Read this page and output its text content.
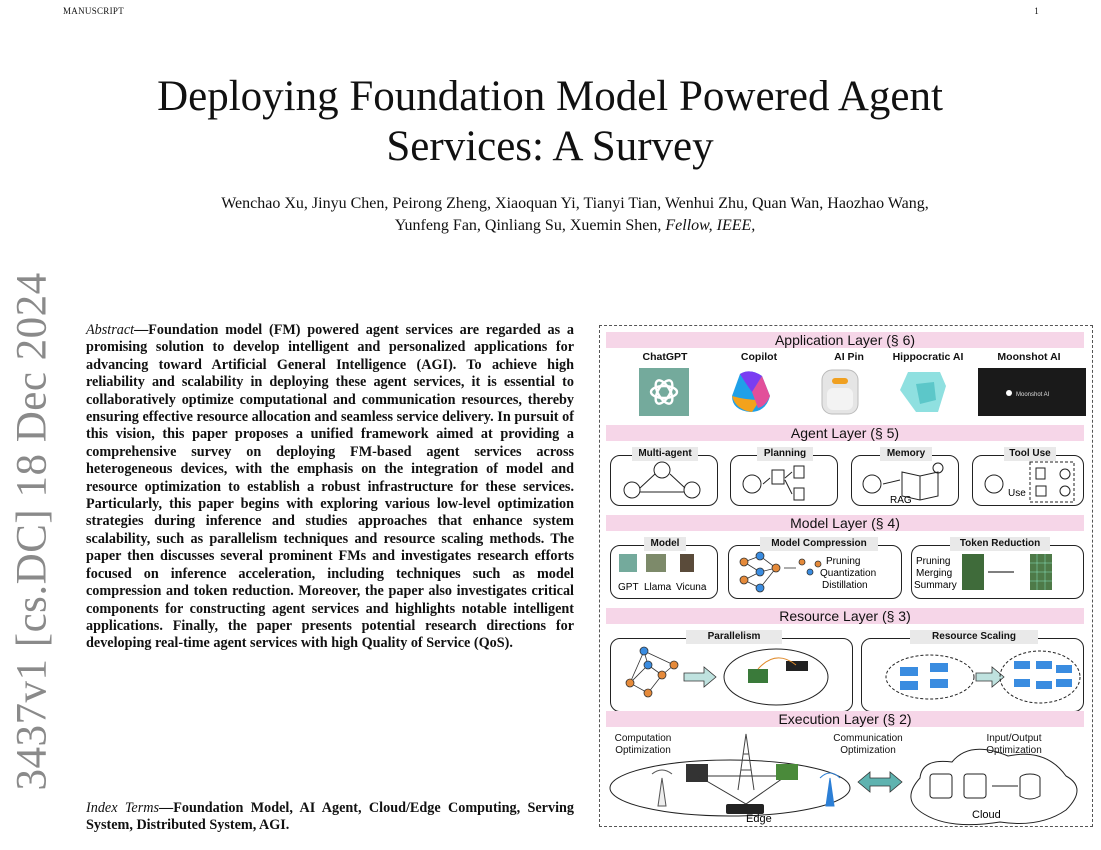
MANUSCRIPT	1
3437v1 [cs.DC] 18 Dec 2024
Deploying Foundation Model Powered Agent Services: A Survey
Wenchao Xu, Jinyu Chen, Peirong Zheng, Xiaoquan Yi, Tianyi Tian, Wenhui Zhu, Quan Wan, Haozhao Wang,
Yunfeng Fan, Qinliang Su, Xuemin Shen, Fellow, IEEE,
Abstract—Foundation model (FM) powered agent services are regarded as a promising solution to develop intelligent and personalized applications for advancing toward Artificial General Intelligence (AGI). To achieve high reliability and scalability in deploying these agent services, it is essential to collaboratively optimize computational and communication resources, thereby ensuring effective resource allocation and seamless service delivery. In pursuit of this vision, this paper proposes a unified framework aimed at providing a comprehensive survey on deploying FM-based agent services across heterogeneous devices, with the emphasis on the integration of model and resource optimization to establish a robust infrastructure for these services. Particularly, this paper begins with exploring various low-level optimization strategies during inference and studies approaches that enhance system scalability, such as parallelism techniques and resource scaling methods. The paper then discusses several prominent FMs and investigates research efforts focused on inference acceleration, including techniques such as model compression and token reduction. Moreover, the paper also investigates critical components for constructing agent services and highlights notable intelligent applications. Finally, the paper presents potential research directions for developing real-time agent services with high Quality of Service (QoS).
Index Terms—Foundation Model, AI Agent, Cloud/Edge Computing, Serving System, Distributed System, AGI.
Application Layer (§ 6)
ChatGPT	Copilot	AI Pin	Hippocratic AI	Moonshot AI
Moonshot AI
Agent Layer (§ 5)
Multi-agent	Planning	Memory	Tool Use
RAG
Use
Model Layer (§ 4)
Model	Model Compression	Token Reduction
GPT Llama Vicuna
Pruning
Quantization
Distillation
Pruning
Merging
Summary
Resource Layer (§ 3)
Parallelism	Resource Scaling
Execution Layer (§ 2)
Computation
Optimization
Communication
Optimization
Input/Output
Optimization
Edge	Cloud
